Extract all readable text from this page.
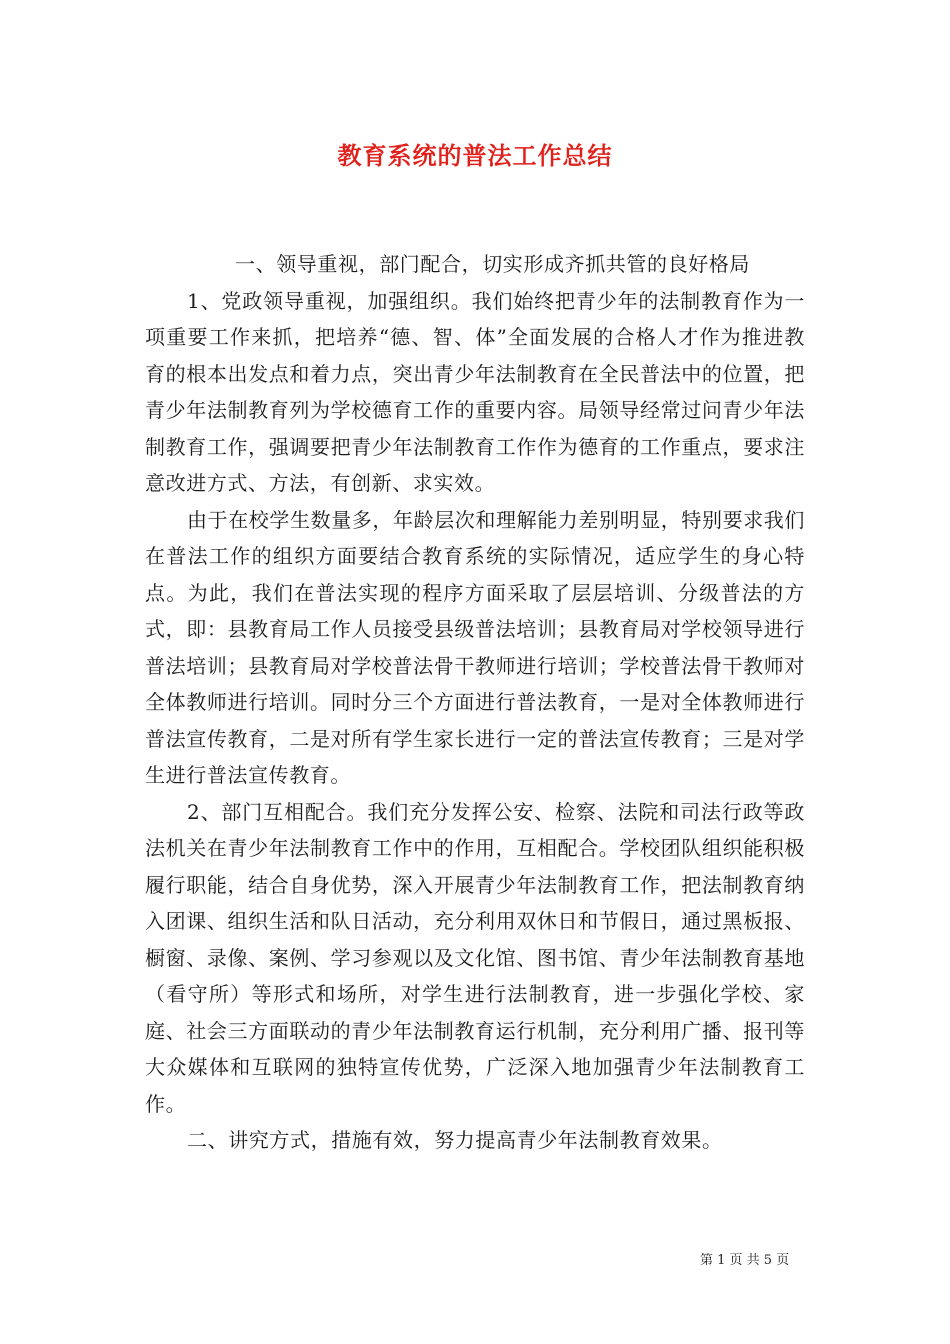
教育系统的普法工作总结

一、领导重视，部门配合，切实形成齐抓共管的良好格局

1、党政领导重视，加强组织。我们始终把青少年的法制教育作为一项重要工作来抓，把培养“德、智、体”全面发展的合格人才作为推进教育的根本出发点和着力点，突出青少年法制教育在全民普法中的位置，把青少年法制教育列为学校德育工作的重要内容。局领导经常过问青少年法制教育工作，强调要把青少年法制教育工作作为德育的工作重点，要求注意改进方式、方法，有创新、求实效。

由于在校学生数量多，年龄层次和理解能力差别明显，特别要求我们在普法工作的组织方面要结合教育系统的实际情况，适应学生的身心特点。为此，我们在普法实现的程序方面采取了层层培训、分级普法的方式，即：县教育局工作人员接受县级普法培训；县教育局对学校领导进行普法培训；县教育局对学校普法骨干教师进行培训；学校普法骨干教师对全体教师进行培训。同时分三个方面进行普法教育，一是对全体教师进行普法宣传教育，二是对所有学生家长进行一定的普法宣传教育；三是对学生进行普法宣传教育。

2、部门互相配合。我们充分发挥公安、检察、法院和司法行政等政法机关在青少年法制教育工作中的作用，互相配合。学校团队组织能积极履行职能，结合自身优势，深入开展青少年法制教育工作，把法制教育纳入团课、组织生活和队日活动，充分利用双休日和节假日，通过黑板报、橱窗、录像、案例、学习参观以及文化馆、图书馆、青少年法制教育基地（看守所）等形式和场所，对学生进行法制教育，进一步强化学校、家庭、社会三方面联动的青少年法制教育运行机制，充分利用广播、报刊等大众媒体和互联网的独特宣传优势，广泛深入地加强青少年法制教育工作。

二、讲究方式，措施有效，努力提高青少年法制教育效果。

第 1 页 共 5 页
